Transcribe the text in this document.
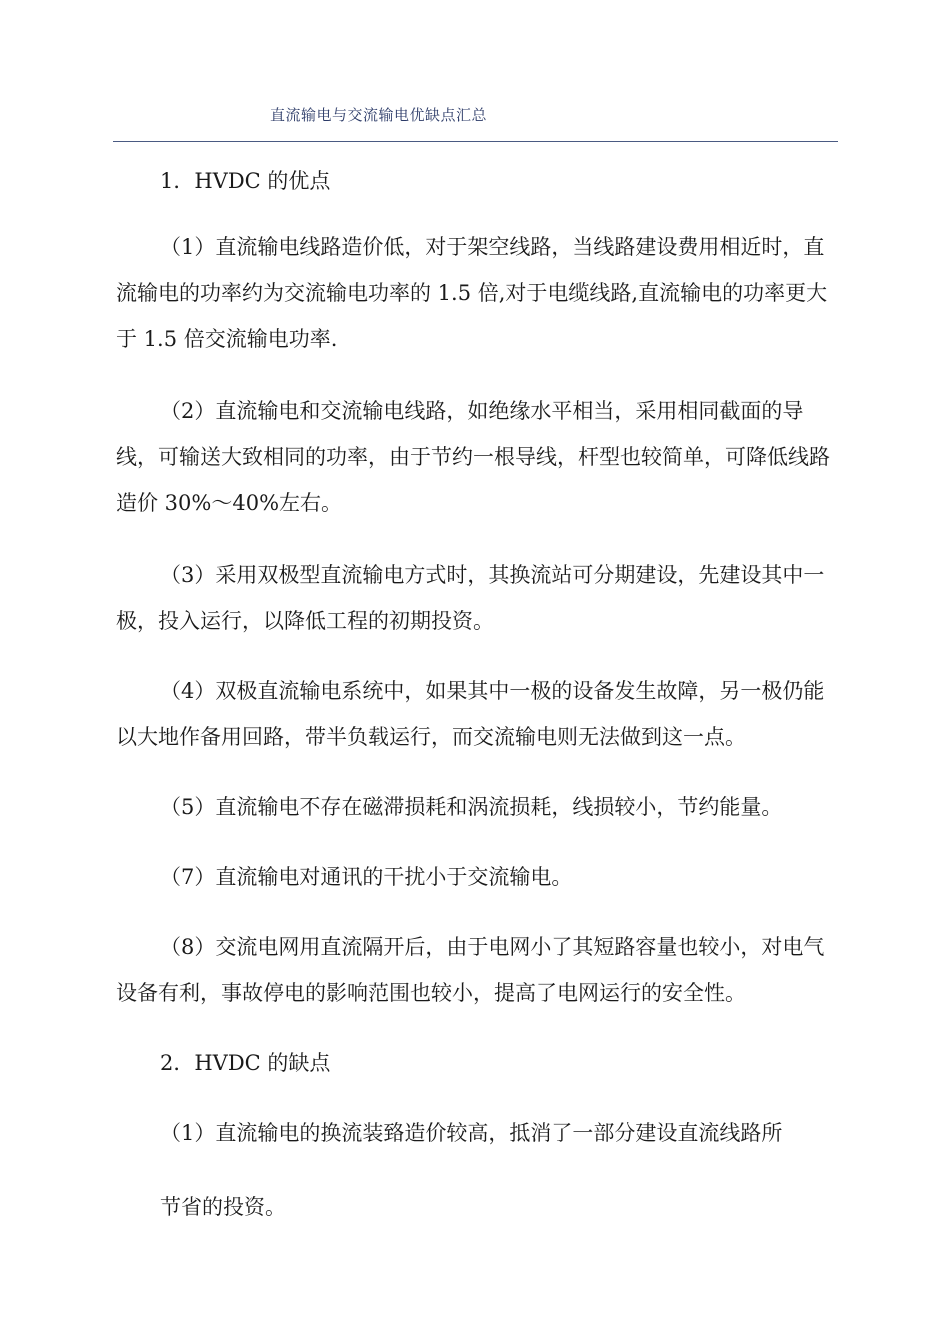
直流输电与交流输电优缺点汇总

1．HVDC 的优点

（1）直流输电线路造价低，对于架空线路，当线路建设费用相近时，直流输电的功率约为交流输电功率的 1.5 倍,对于电缆线路,直流输电的功率更大于 1.5 倍交流输电功率.

（2）直流输电和交流输电线路，如绝缘水平相当，采用相同截面的导线，可输送大致相同的功率，由于节约一根导线，杆型也较简单，可降低线路造价 30%～40%左右。

（3）采用双极型直流输电方式时，其换流站可分期建设，先建设其中一极，投入运行，以降低工程的初期投资。

（4）双极直流输电系统中，如果其中一极的设备发生故障，另一极仍能以大地作备用回路，带半负载运行，而交流输电则无法做到这一点。

（5）直流输电不存在磁滞损耗和涡流损耗，线损较小，节约能量。

（7）直流输电对通讯的干扰小于交流输电。

（8）交流电网用直流隔开后，由于电网小了其短路容量也较小，对电气设备有利，事故停电的影响范围也较小，提高了电网运行的安全性。

2．HVDC 的缺点

（1）直流输电的换流装臵造价较高，抵消了一部分建设直流线路所

节省的投资。
